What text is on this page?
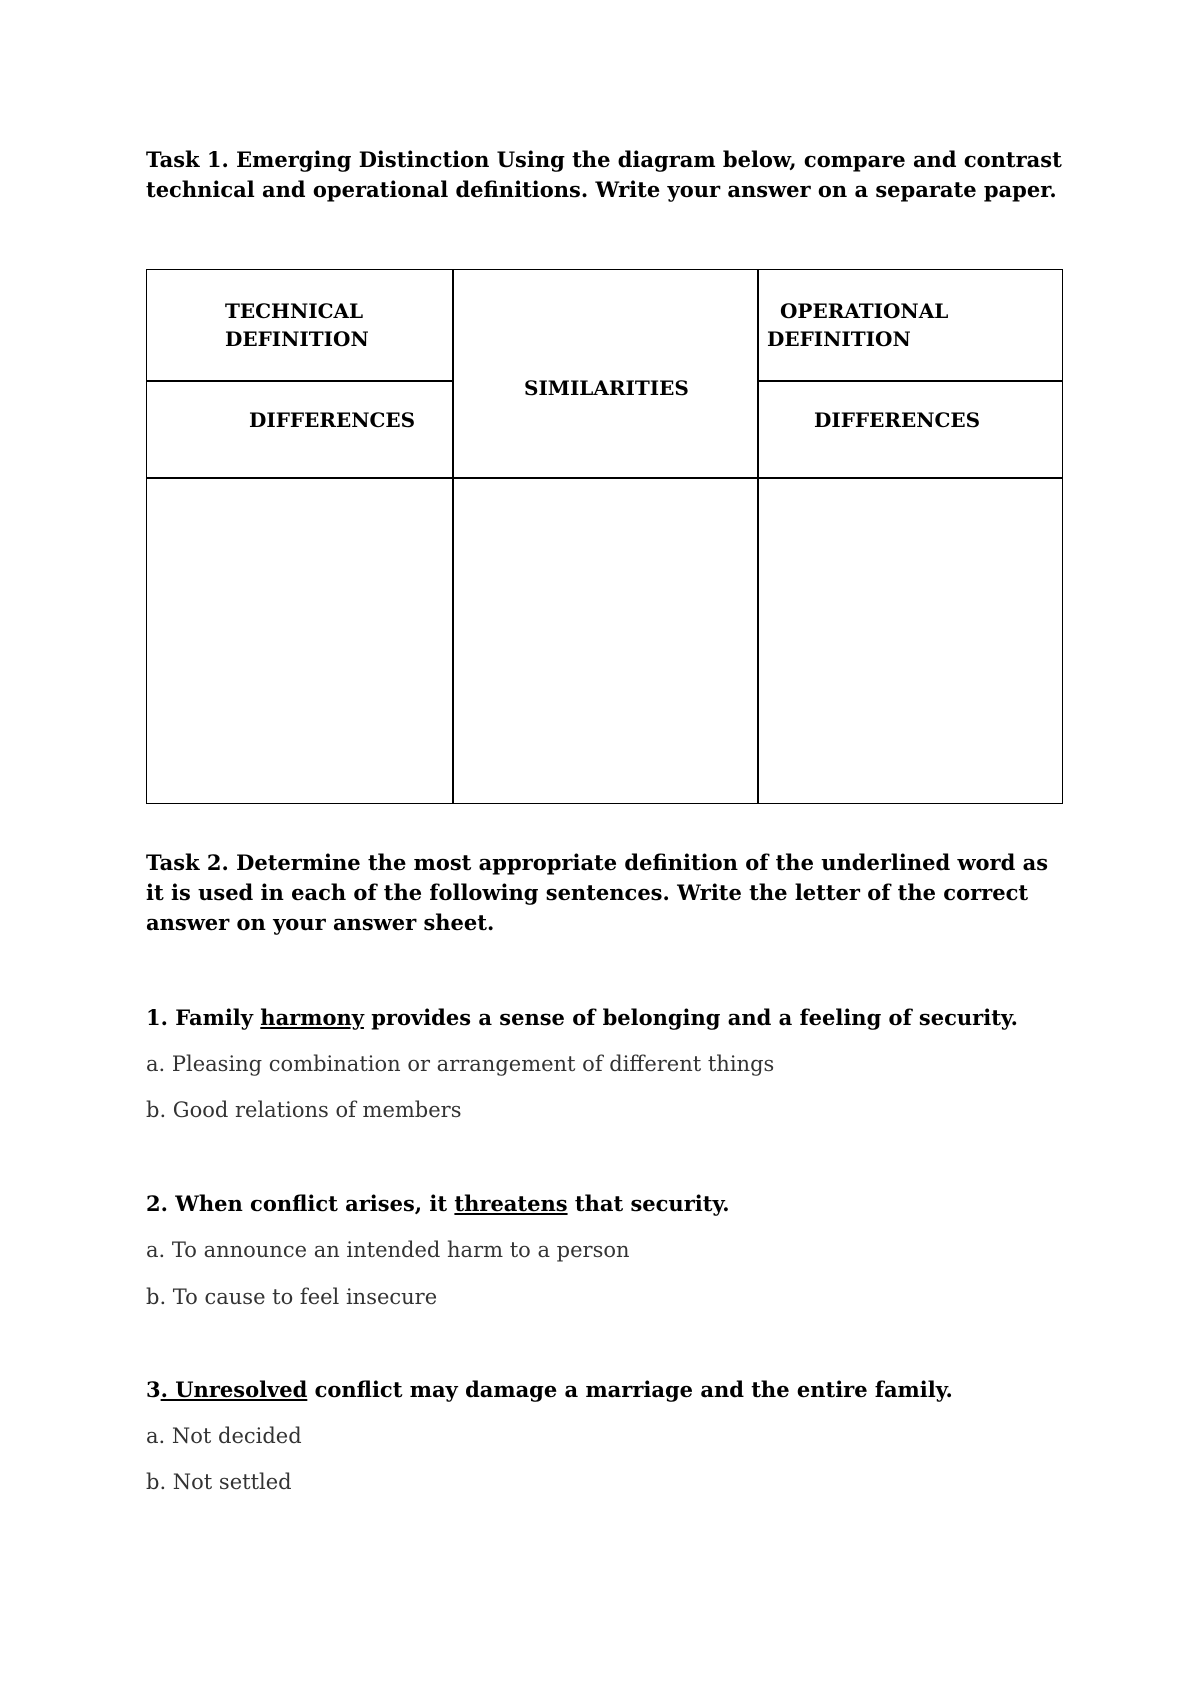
Task 1. Emerging Distinction Using the diagram below, compare and contrast technical and operational definitions. Write your answer on a separate paper.

TECHNICAL
DEFINITION

DIFFERENCES

SIMILARITIES

OPERATIONAL
DEFINITION

DIFFERENCES

Task 2. Determine the most appropriate definition of the underlined word as it is used in each of the following sentences. Write the letter of the correct answer on your answer sheet.

1. Family harmony provides a sense of belonging and a feeling of security.

a. Pleasing combination or arrangement of different things

b. Good relations of members

2. When conflict arises, it threatens that security.

a. To announce an intended harm to a person

b. To cause to feel insecure

3. Unresolved conflict may damage a marriage and the entire family.

a. Not decided

b. Not settled
